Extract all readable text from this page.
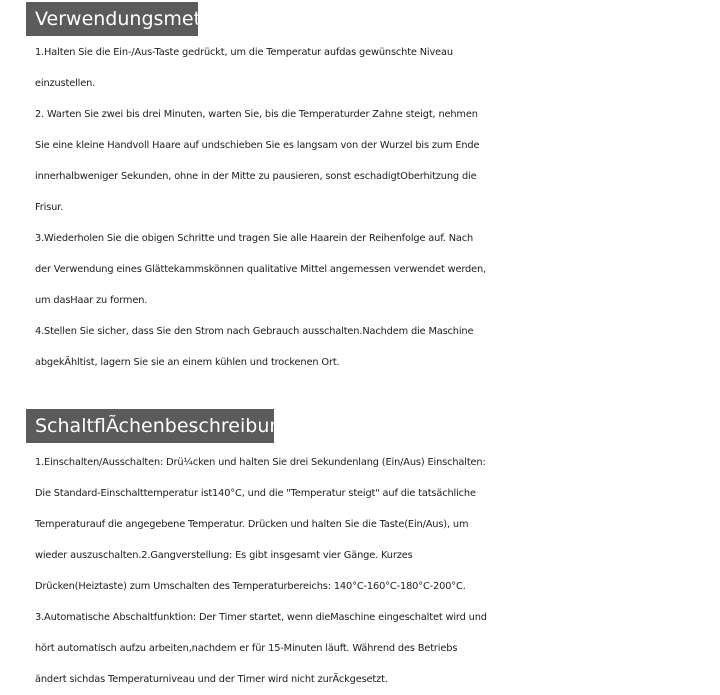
Verwendungsmeth
1.Halten Sie die Ein-/Aus-Taste gedrückt, um die Temperatur aufdas gewünschte Niveau
einzustellen.
2. Warten Sie zwei bis drei Minuten, warten Sie, bis die Temperaturder Zahne steigt, nehmen
Sie eine kleine Handvoll Haare auf undschieben Sie es langsam von der Wurzel bis zum Ende
innerhalbweniger Sekunden, ohne in der Mitte zu pausieren, sonst eschadigtOberhitzung die
Frisur.
3.Wiederholen Sie die obigen Schritte und tragen Sie alle Haarein der Reihenfolge auf. Nach
der Verwendung eines Glättekammskönnen qualitative Mittel angemessen verwendet werden,
um dasHaar zu formen.
4.Stellen Sie sicher, dass Sie den Strom nach Gebrauch ausschalten.Nachdem die Maschine
abgekÃhltist, lagern Sie sie an einem kühlen und trockenen Ort.
SchaltflÃchenbeschreibung
1.Einschalten/Ausschalten: Drü¼cken und halten Sie drei Sekundenlang (Ein/Aus) Einschalten:
Die Standard-Einschalttemperatur ist140°C, und die "Temperatur steigt" auf die tatsächliche
Temperaturauf die angegebene Temperatur. Drücken und halten Sie die Taste(Ein/Aus), um
wieder auszuschalten.2.Gangverstellung: Es gibt insgesamt vier Gänge. Kurzes
Drücken(Heiztaste) zum Umschalten des Temperaturbereichs: 140°C-160°C-180°C-200°C.
3.Automatische Abschaltfunktion: Der Timer startet, wenn dieMaschine eingeschaltet wird und
hört automatisch aufzu arbeiten,nachdem er für 15-Minuten läuft. Während des Betriebs
ändert sichdas Temperaturniveau und der Timer wird nicht zurÃckgesetzt.
